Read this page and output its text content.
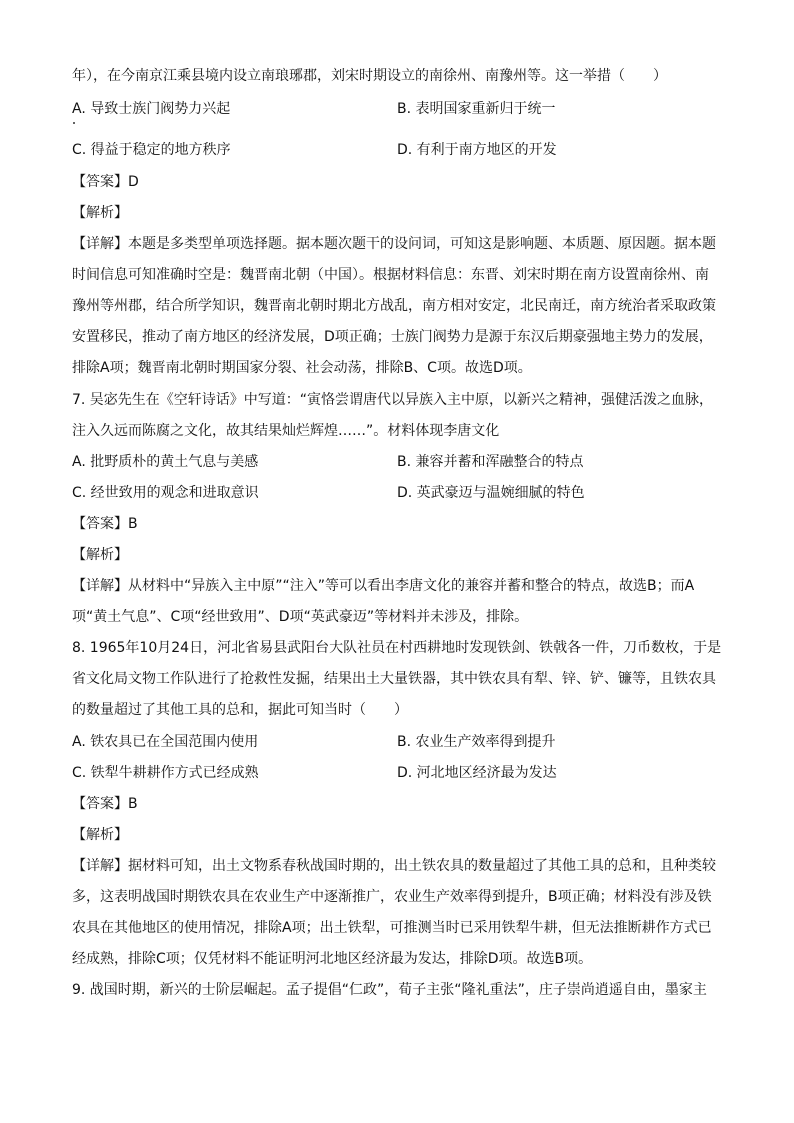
年），在今南京江乘县境内设立南琅琊郡，刘宋时期设立的南徐州、南豫州等。这一举措（　　）
A. 导致士族门阀势力兴起	B. 表明国家重新归于统一
C. 得益于稳定的地方秩序	D. 有利于南方地区的开发
【答案】D
【解析】
【详解】本题是多类型单项选择题。据本题次题干的设问词，可知这是影响题、本质题、原因题。据本题
时间信息可知准确时空是：魏晋南北朝（中国）。根据材料信息：东晋、刘宋时期在南方设置南徐州、南
豫州等州郡，结合所学知识，魏晋南北朝时期北方战乱，南方相对安定，北民南迁，南方统治者采取政策
安置移民，推动了南方地区的经济发展，D项正确；士族门阀势力是源于东汉后期豪强地主势力的发展，
排除A项；魏晋南北朝时期国家分裂、社会动荡，排除B、C项。故选D项。
7. 吴宓先生在《空轩诗话》中写道：“寅恪尝谓唐代以异族入主中原，以新兴之精神，强健活泼之血脉，
注入久远而陈腐之文化，故其结果灿烂辉煌……”。材料体现李唐文化
A. 批野质朴的黄土气息与美感	B. 兼容并蓄和浑融整合的特点
C. 经世致用的观念和进取意识	D. 英武豪迈与温婉细腻的特色
【答案】B
【解析】
【详解】从材料中“异族入主中原”“注入”等可以看出李唐文化的兼容并蓄和整合的特点，故选B；而A
项“黄土气息”、C项“经世致用”、D项“英武豪迈”等材料并未涉及，排除。
8. 1965年10月24日，河北省易县武阳台大队社员在村西耕地时发现铁剑、铁戟各一件，刀币数枚，于是
省文化局文物工作队进行了抢救性发掘，结果出土大量铁器，其中铁农具有犁、锌、铲、镰等，且铁农具
的数量超过了其他工具的总和，据此可知当时（　　）
A. 铁农具已在全国范围内使用	B. 农业生产效率得到提升
C. 铁犁牛耕耕作方式已经成熟	D. 河北地区经济最为发达
【答案】B
【解析】
【详解】据材料可知，出土文物系春秋战国时期的，出土铁农具的数量超过了其他工具的总和，且种类较
多，这表明战国时期铁农具在农业生产中逐渐推广，农业生产效率得到提升，B项正确；材料没有涉及铁
农具在其他地区的使用情况，排除A项；出土铁犁，可推测当时已采用铁犁牛耕，但无法推断耕作方式已
经成熟，排除C项；仅凭材料不能证明河北地区经济最为发达，排除D项。故选B项。
9. 战国时期，新兴的士阶层崛起。孟子提倡“仁政”，荀子主张“隆礼重法”，庄子崇尚逍遥自由，墨家主
